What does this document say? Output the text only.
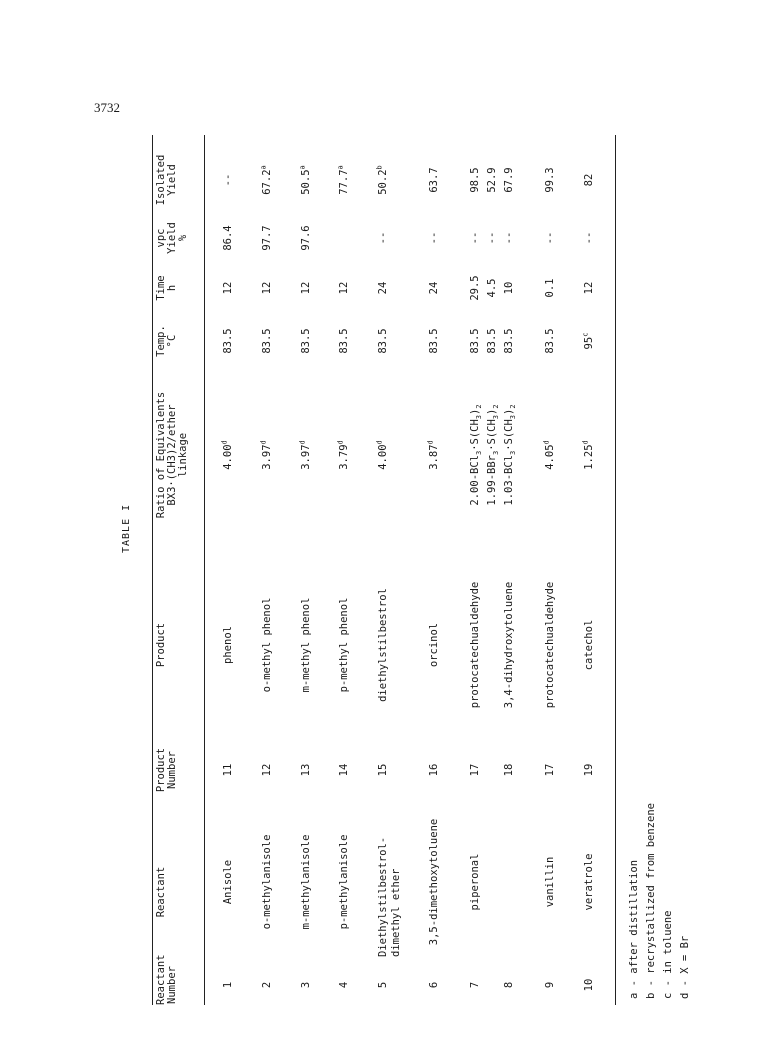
3732
Reactant
Number
Reactant
Product
Number
Product
Ratio of Equivalents
BX3·(CH3)2/ether
linkage
Temp.
°C
Time
h
vpc
Yield
%
Isolated
Yield
1
Anisole
11
phenol
4.00$^d$
83.5
12
86.4
--
2
o-methylanisole
12
o-methyl phenol
3.97$^d$
83.5
12
97.7
67.2$^a$
3
m-methylanisole
13
m-methyl phenol
3.97$^d$
83.5
12
97.6
50.5$^a$
4
p-methylanisole
14
p-methyl phenol
3.79$^d$
83.5
12
77.7$^a$
5
Diethylstilbestrol-
dimethyl ether
15
diethylstilbestrol
4.00$^d$
83.5
24
--
50.2$^b$
6
3,5-dimethoxytoluene
16
orcinol
3.87$^d$
83.5
24
--
63.7
7
piperonal
17
protocatechualdehyde
$2.00-BCl_3\cdot S(CH_3)_2$
83.5
29.5
--
98.5
$1.99-BBr_3\cdot S(CH_3)_2$
83.5
4.5
--
52.9
8
18
3,4-dihydroxytoluene
$1.03-BCl_3\cdot S(CH_3)_2$
83.5
10
--
67.9
9
vanillin
17
protocatechualdehyde
4.05$^d$
83.5
0.1
--
99.3
10
veratrole
19
catechol
1.25$^d$
95$^c$
12
--
82
a - after distillation b - recrystallized from benzene c - in toluene d - X = Br
TABLE I
